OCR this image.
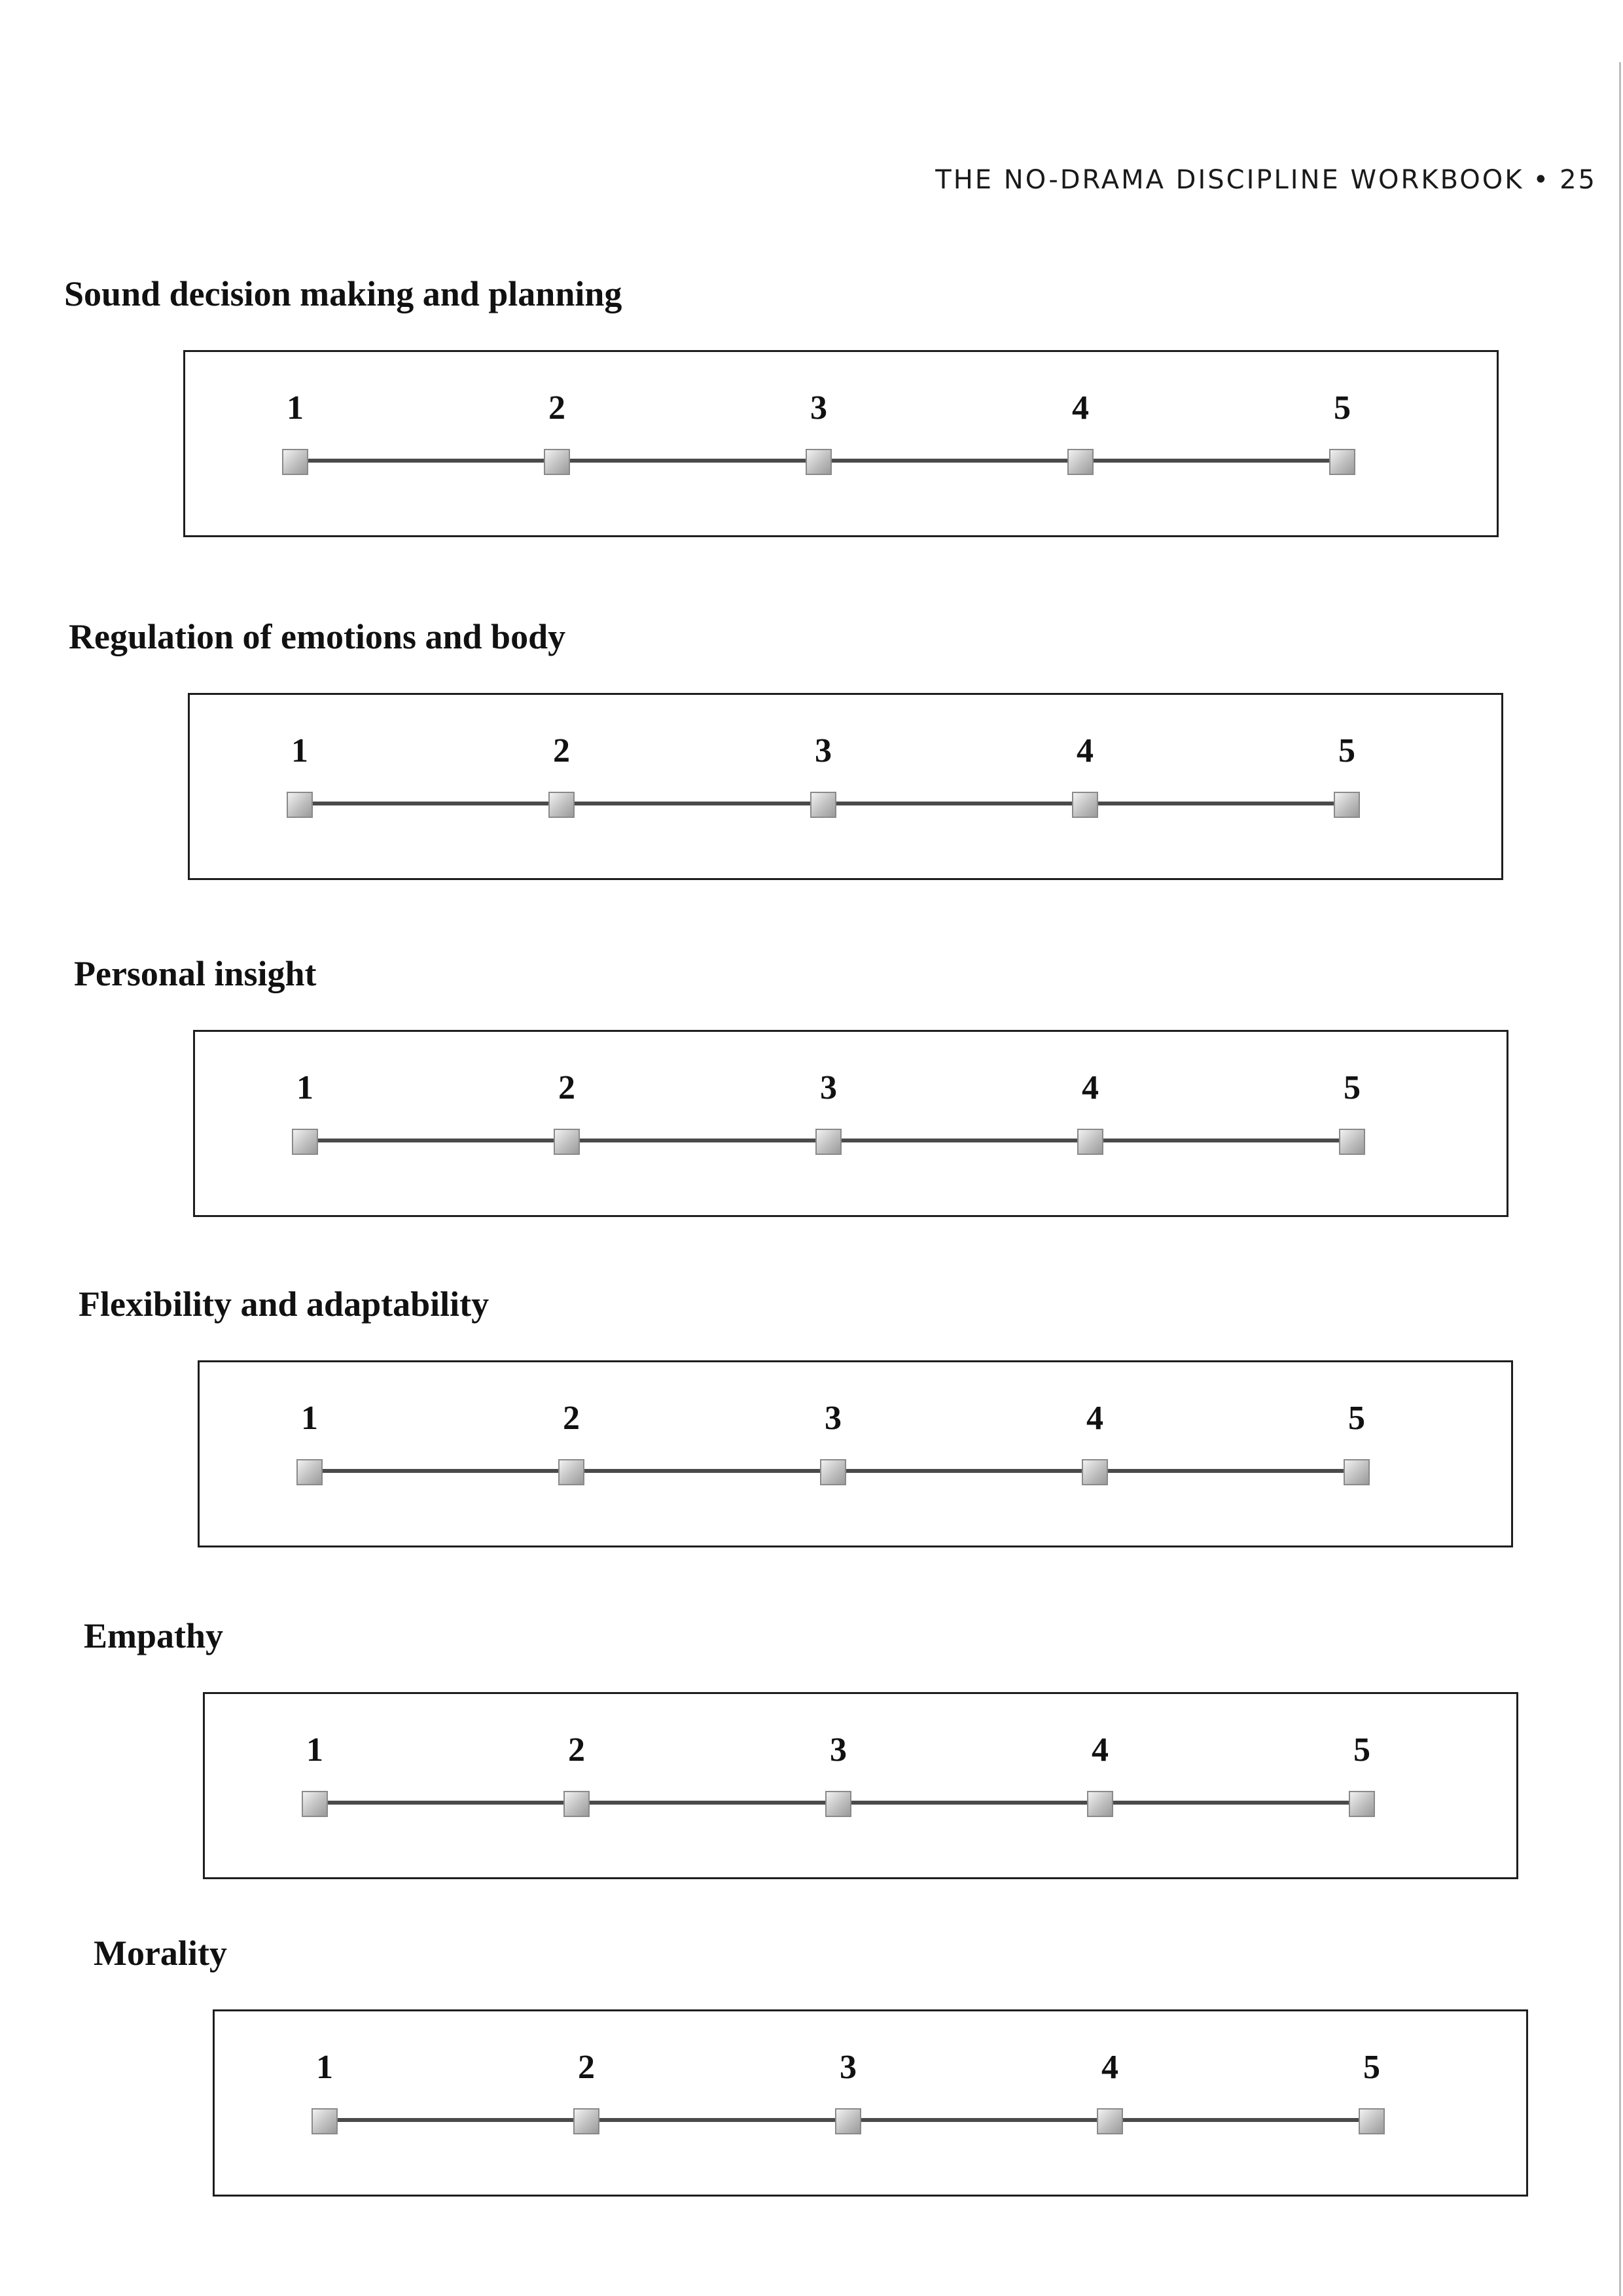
THE NO-DRAMA DISCIPLINE WORKBOOK • 25
Sound decision making and planning
1	2	3	4	5
Regulation of emotions and body
1	2	3	4	5
Personal insight
1	2	3	4	5
Flexibility and adaptability
1	2	3	4	5
Empathy
1	2	3	4	5
Morality
1	2	3	4	5
